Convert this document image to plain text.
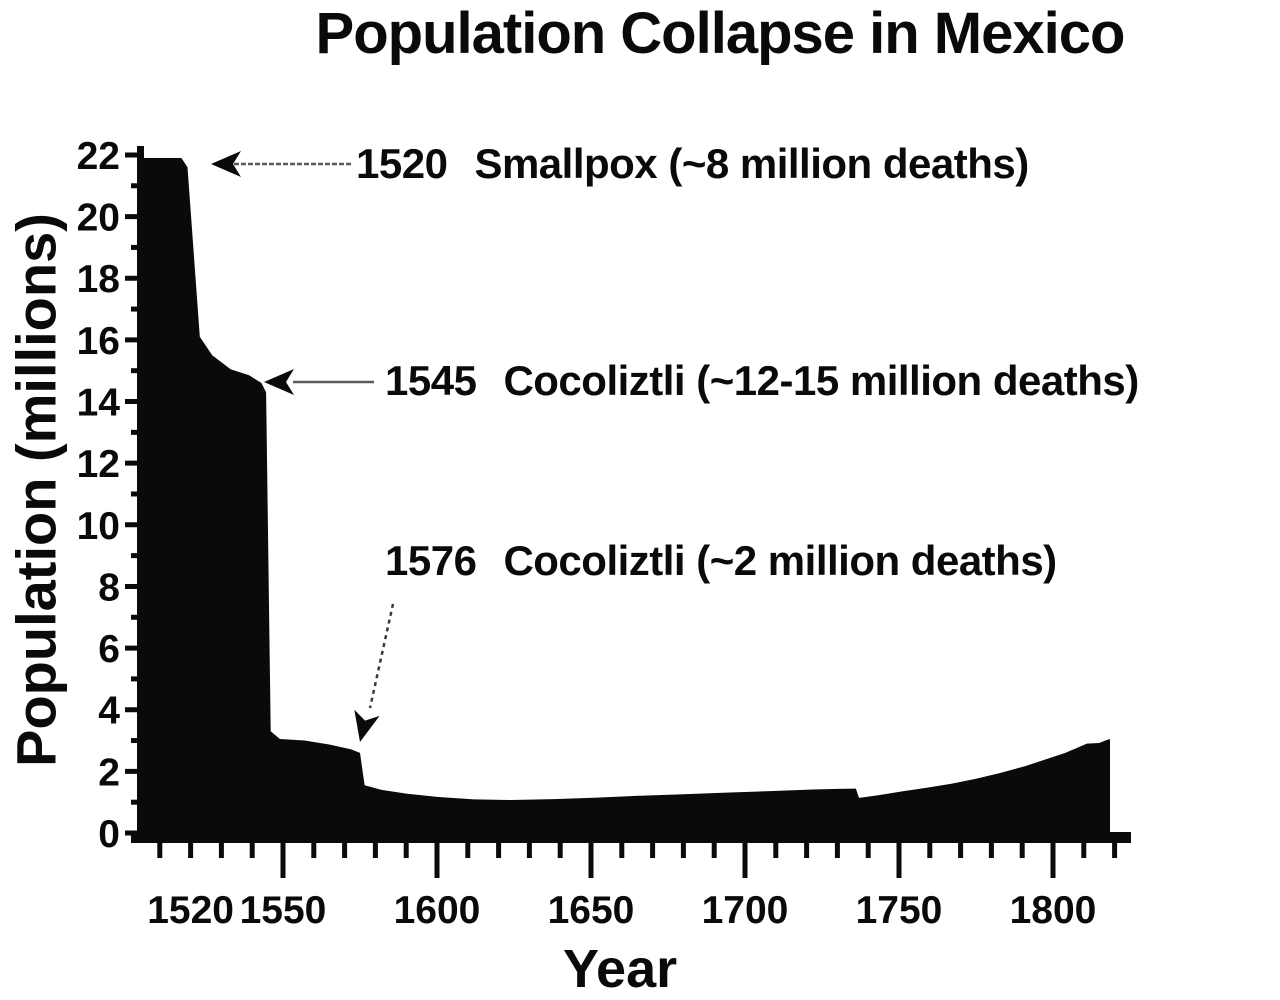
Population Collapse in Mexico
Population (millions)
0
2
4
6
8
10
12
14
16
18
20
22
1520 1550 1600 1650 1700 1750 1800
1520 Smallpox (~8 million deaths)
1545 Cocoliztli (~12-15 million deaths)
1576 Cocoliztli (~2 million deaths)
Year
